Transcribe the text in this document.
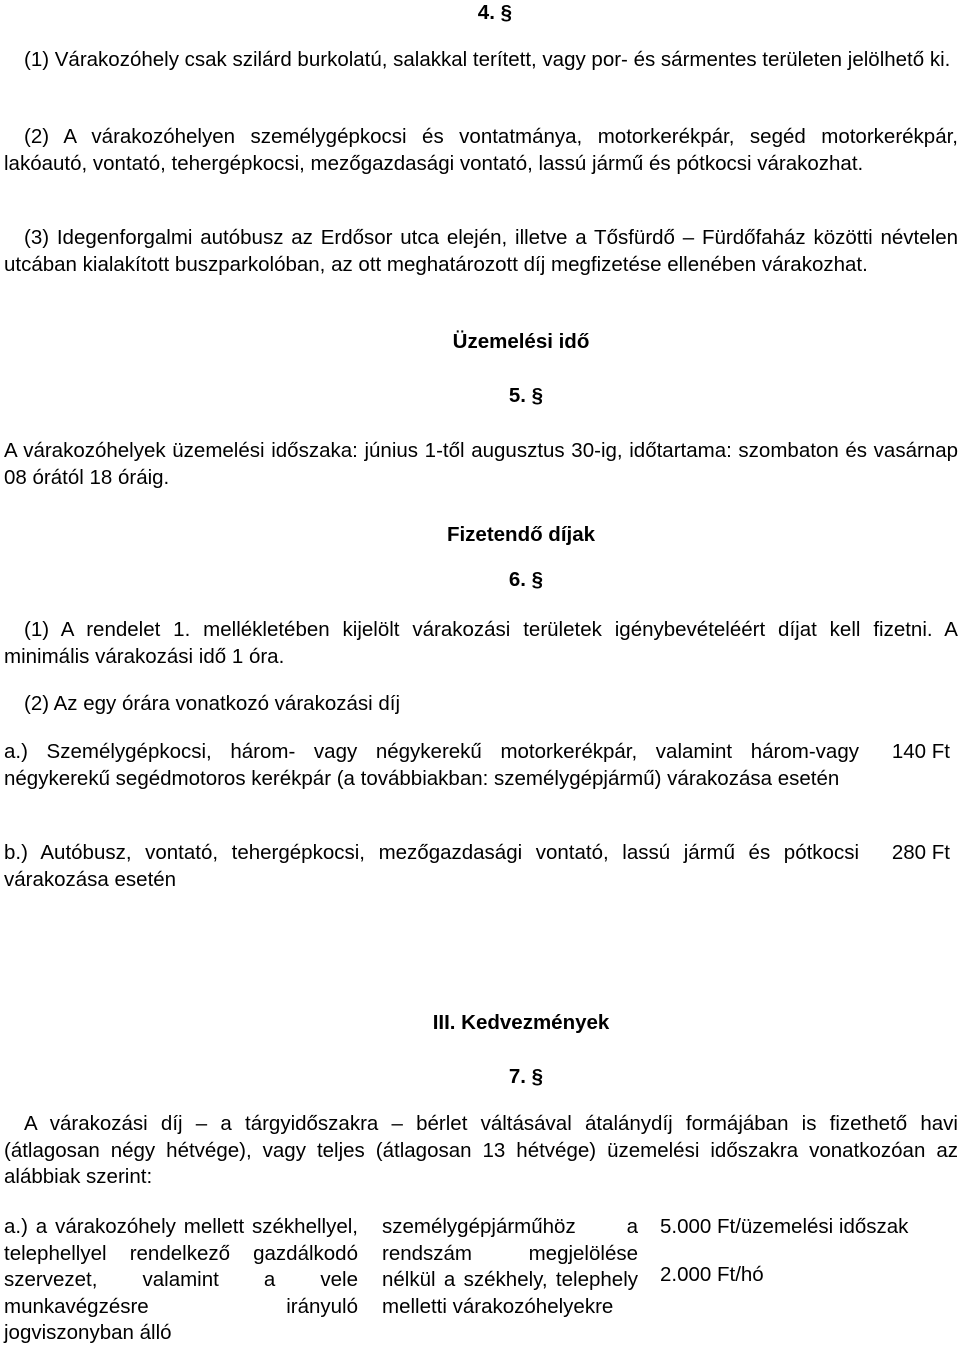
4. §

(1) Várakozóhely csak szilárd burkolatú, salakkal terített, vagy por- és sármentes területen jelölhető ki.

(2) A várakozóhelyen személygépkocsi és vontatmánya, motorkerékpár, segéd motorkerékpár, lakóautó, vontató, tehergépkocsi, mezőgazdasági vontató, lassú jármű és pótkocsi várakozhat.

(3) Idegenforgalmi autóbusz az Erdősor utca elején, illetve a Tősfürdő – Fürdőfaház közötti névtelen utcában kialakított buszparkolóban, az ott meghatározott díj megfizetése ellenében várakozhat.

Üzemelési idő
5. §

A várakozóhelyek üzemelési időszaka: június 1-től augusztus 30-ig, időtartama: szombaton és vasárnap 08 órától 18 óráig.

Fizetendő díjak
6. §

(1) A rendelet 1. mellékletében kijelölt várakozási területek igénybevételéért díjat kell fizetni. A minimális várakozási idő 1 óra.

(2) Az egy órára vonatkozó várakozási díj

a.) Személygépkocsi, három- vagy négykerekű motorkerékpár, valamint három-vagy négykerekű segédmotoros kerékpár (a továbbiakban: személygépjármű) várakozása esetén
140 Ft
b.) Autóbusz, vontató, tehergépkocsi, mezőgazdasági vontató, lassú jármű és pótkocsi várakozása esetén
280 Ft
III. Kedvezmények
7. §

A várakozási díj – a tárgyidőszakra – bérlet váltásával átalánydíj formájában is fizethető havi (átlagosan négy hétvége), vagy teljes (átlagosan 13 hétvége) üzemelési időszakra vonatkozóan az alábbiak szerint:

a.) a várakozóhely mellett székhellyel, telephellyel rendelkező gazdálkodó szervezet, valamint a vele munkavégzésre irányuló jogviszonyban álló
személygépjárműhöz a rendszám megjelölése nélkül a székhely, telephely melletti várakozóhelyekre
5.000 Ft/üzemelési időszak
2.000 Ft/hó
